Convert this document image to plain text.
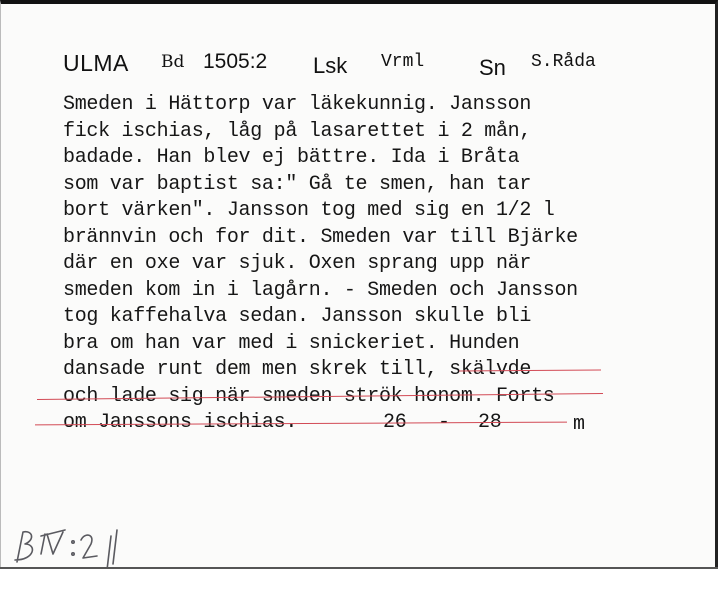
ULMA Bd 1505:2 Lsk Vrml Sn S.Råda
Smeden i Hättorp var läkekunnig. Jansson
fick ischias, låg på lasarettet i 2 mån,
badade. Han blev ej bättre. Ida i Bråta
som var baptist sa:" Gå te smen, han tar
bort värken". Jansson tog med sig en 1/2 l
brännvin och for dit. Smeden var till Bjärke
där en oxe var sjuk. Oxen sprang upp när
smeden kom in i lagårn. - Smeden och Jansson
tog kaffehalva sedan. Jansson skulle bli
bra om han var med i snickeriet. Hunden
dansade runt dem men skrek till, skälvde
och lade sig när smeden strök honom. Forts

om Janssons ischias.

	26

-

28

	m
